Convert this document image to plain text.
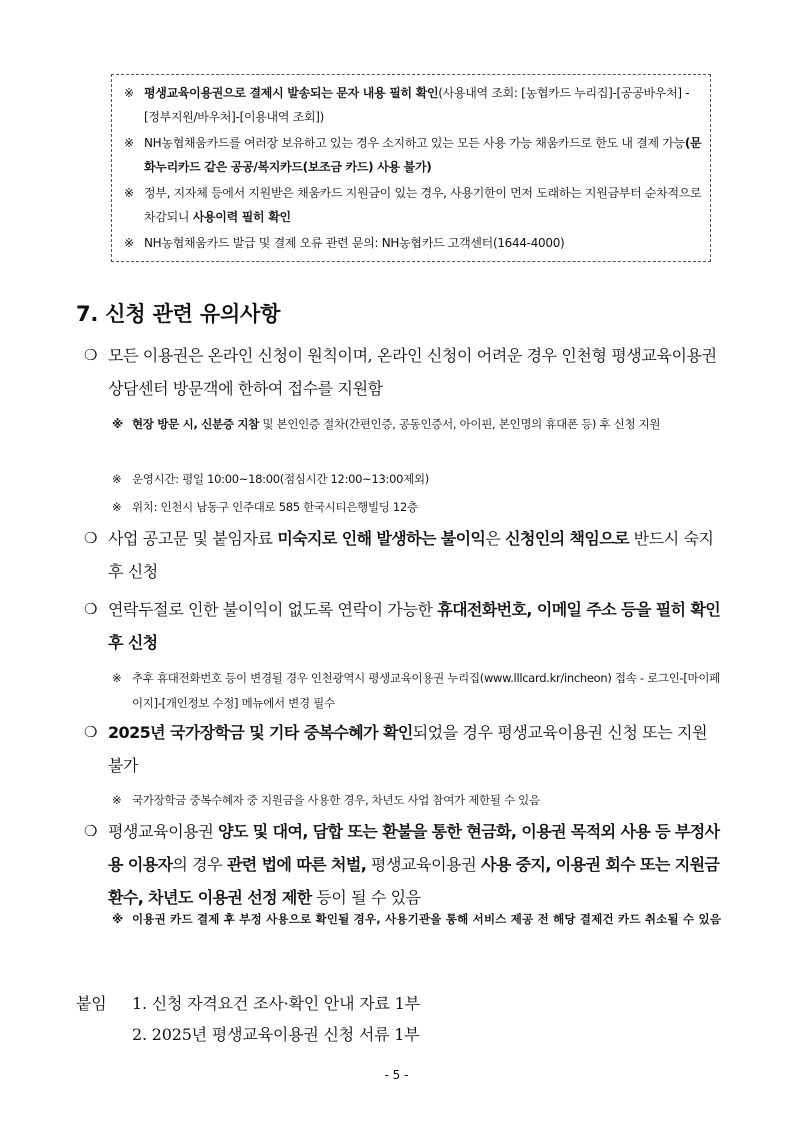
※ 평생교육이용권으로 결제시 발송되는 문자 내용 필히 확인(사용내역 조회: [농협카드 누리집]-[공공바우처] - [정부지원/바우처]-[이용내역 조회])
※ NH농협채움카드를 여러장 보유하고 있는 경우 소지하고 있는 모든 사용 가능 채움카드로 한도 내 결제 가능(문화누리카드 같은 공공/복지카드(보조금 카드) 사용 불가)
※ 정부, 지자체 등에서 지원받은 채움카드 지원금이 있는 경우, 사용기한이 먼저 도래하는 지원금부터 순차적으로 차감되니 사용이력 필히 확인
※ NH농협채움카드 발급 및 결제 오류 관련 문의: NH농협카드 고객센터(1644-4000)
7. 신청 관련 유의사항
❍ 모든 이용권은 온라인 신청이 원칙이며, 온라인 신청이 어려운 경우 인천형 평생교육이용권 상담센터 방문객에 한하여 접수를 지원함
※ 현장 방문 시, 신분증 지참 및 본인인증 절차(간편인증, 공동인증서, 아이핀, 본인명의 휴대폰 등) 후 신청 지원
※ 운영시간: 평일 10:00~18:00(점심시간 12:00~13:00제외)
※ 위치: 인천시 남동구 인주대로 585 한국시티은행빌딩 12층
❍ 사업 공고문 및 붙임자료 미숙지로 인해 발생하는 불이익은 신청인의 책임으로 반드시 숙지 후 신청
❍ 연락두절로 인한 불이익이 없도록 연락이 가능한 휴대전화번호, 이메일 주소 등을 필히 확인 후 신청
※ 추후 휴대전화번호 등이 변경될 경우 인천광역시 평생교육이용권 누리집(www.lllcard.kr/incheon) 접속 - 로그인-[마이페이지]-[개인정보 수정] 메뉴에서 변경 필수
❍ 2025년 국가장학금 및 기타 중복수혜가 확인되었을 경우 평생교육이용권 신청 또는 지원 불가
※ 국가장학금 중복수혜자 중 지원금을 사용한 경우, 차년도 사업 참여가 제한될 수 있음
❍ 평생교육이용권 양도 및 대여, 담합 또는 환불을 통한 현금화, 이용권 목적외 사용 등 부정사용 이용자의 경우 관련 법에 따른 처벌, 평생교육이용권 사용 중지, 이용권 회수 또는 지원금 환수, 차년도 이용권 선정 제한 등이 될 수 있음
※ 이용권 카드 결제 후 부정 사용으로 확인될 경우, 사용기관을 통해 서비스 제공 전 해당 결제건 카드 취소될 수 있음
붙임 1. 신청 자격요건 조사·확인 안내 자료 1부
2. 2025년 평생교육이용권 신청 서류 1부
- 5 -
